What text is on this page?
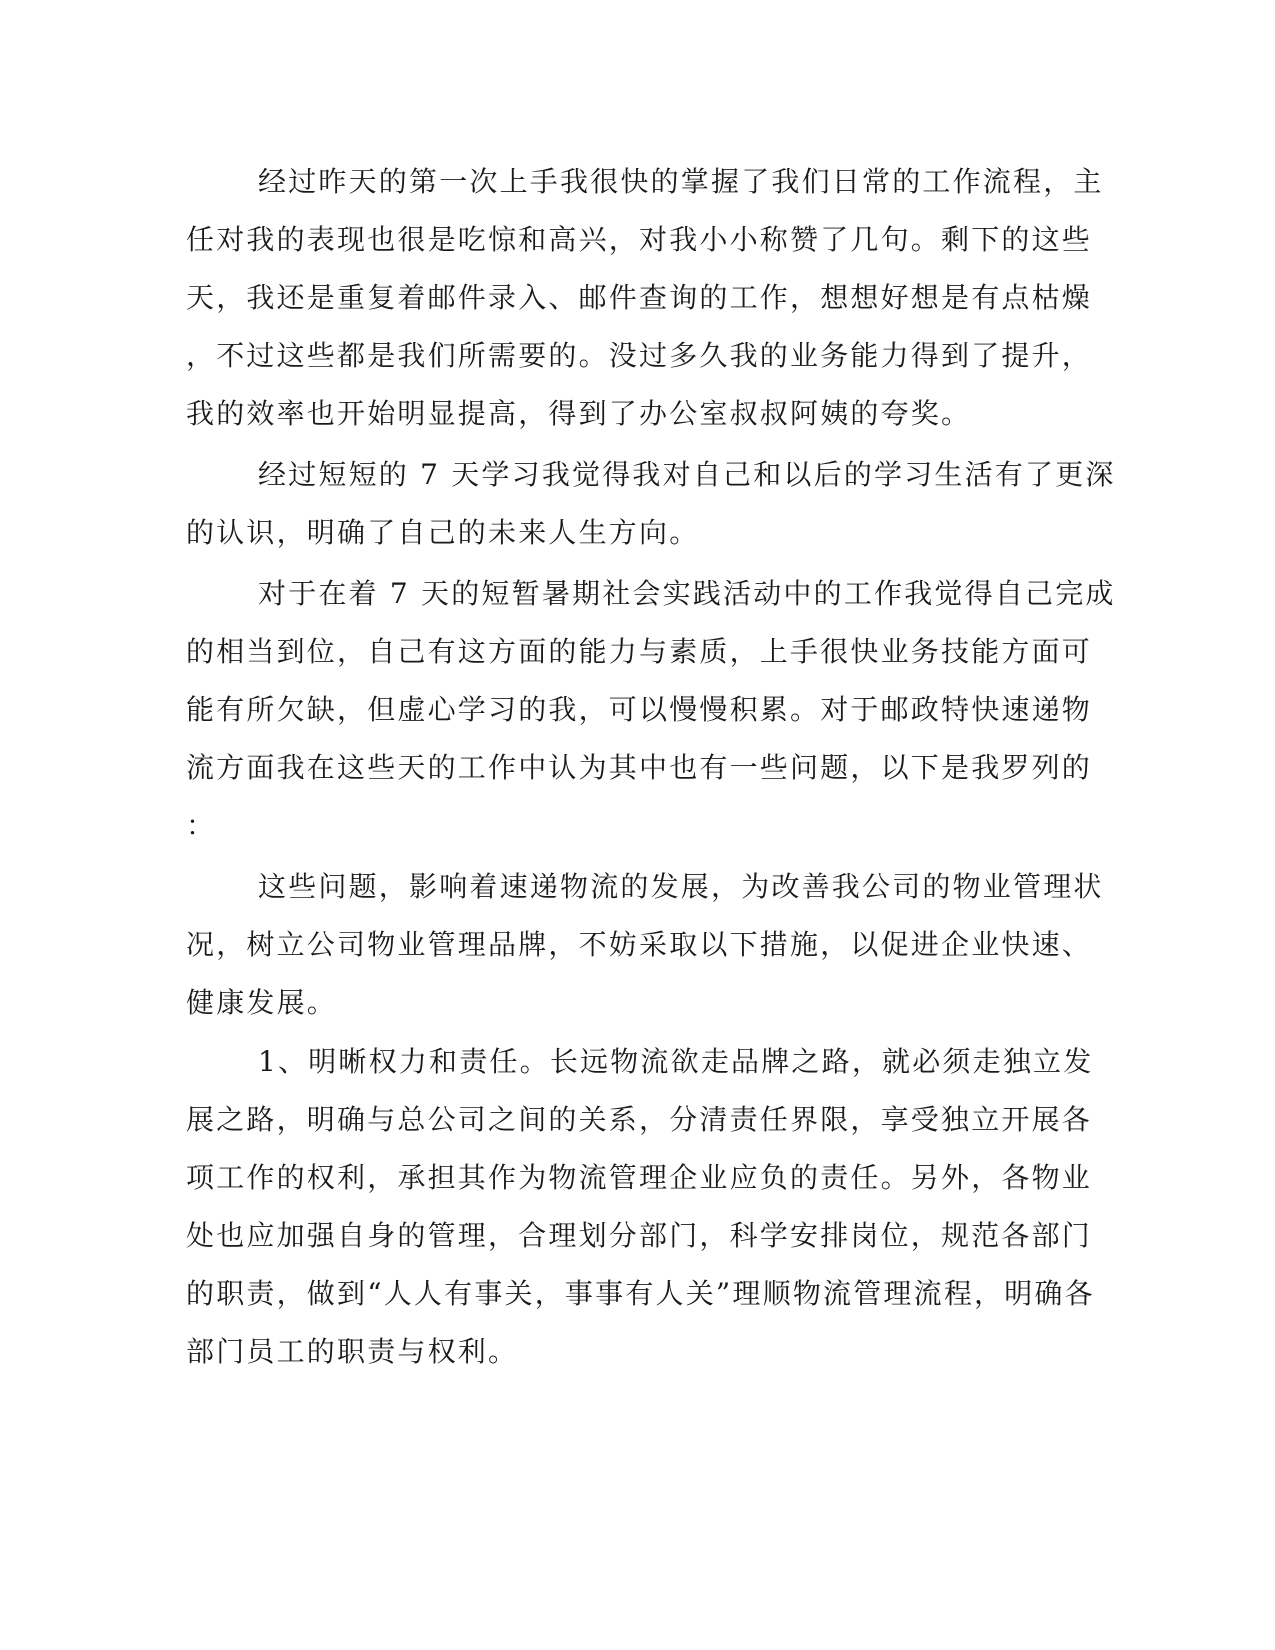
经过昨天的第一次上手我很快的掌握了我们日常的工作流程，主
任对我的表现也很是吃惊和高兴，对我小小称赞了几句。剩下的这些
天，我还是重复着邮件录入、邮件查询的工作，想想好想是有点枯燥
，不过这些都是我们所需要的。没过多久我的业务能力得到了提升，
我的效率也开始明显提高，得到了办公室叔叔阿姨的夸奖。
经过短短的 7 天学习我觉得我对自己和以后的学习生活有了更深
的认识，明确了自己的未来人生方向。
对于在着 7 天的短暂暑期社会实践活动中的工作我觉得自己完成
的相当到位，自己有这方面的能力与素质，上手很快业务技能方面可
能有所欠缺，但虚心学习的我，可以慢慢积累。对于邮政特快速递物
流方面我在这些天的工作中认为其中也有一些问题，以下是我罗列的
：
这些问题，影响着速递物流的发展，为改善我公司的物业管理状
况，树立公司物业管理品牌，不妨采取以下措施，以促进企业快速、
健康发展。
1、明晰权力和责任。长远物流欲走品牌之路，就必须走独立发
展之路，明确与总公司之间的关系，分清责任界限，享受独立开展各
项工作的权利，承担其作为物流管理企业应负的责任。另外，各物业
处也应加强自身的管理，合理划分部门，科学安排岗位，规范各部门
的职责，做到“人人有事关，事事有人关”理顺物流管理流程，明确各
部门员工的职责与权利。
